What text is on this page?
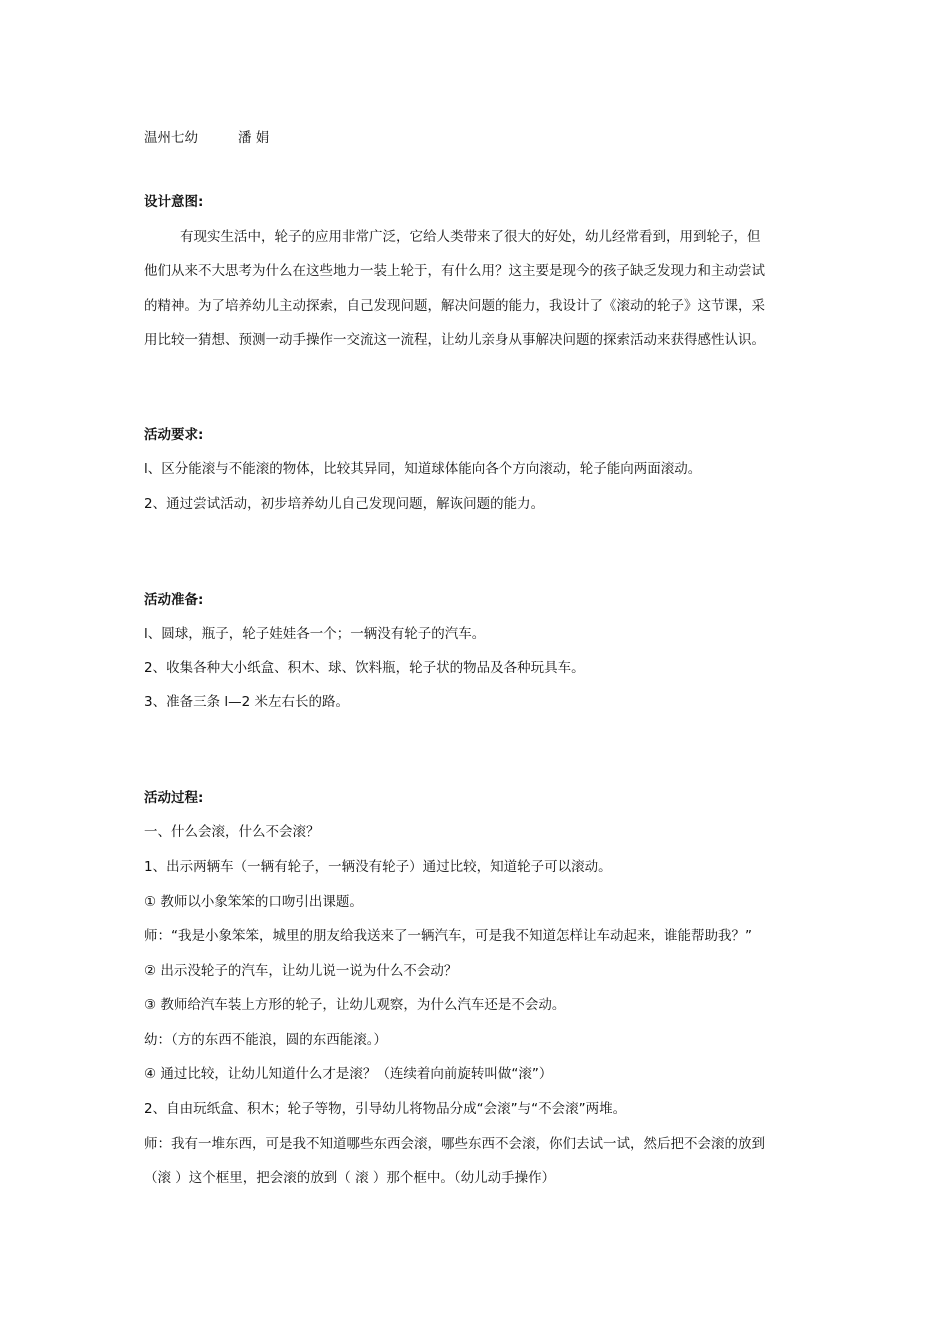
温州七幼	潘 娟
设计意图:
有现实生活中，轮子的应用非常广泛，它给人类带来了很大的好处，幼儿经常看到，用到轮子，但
他们从来不大思考为什么在这些地力一装上轮于，有什么用？这主要是现今的孩子缺乏发现力和主动尝试
的精神。为了培养幼儿主动探索，自己发现问题，解决问题的能力，我设计了《滚动的轮子》这节课，采
用比较一猜想、预测一动手操作一交流这一流程，让幼儿亲身从事解决问题的探索活动来获得感性认识。
活动要求:
l、区分能滚与不能滚的物体，比较其异同，知道球体能向各个方向滚动，轮子能向两面滚动。
2、通过尝试活动，初步培养幼儿自己发现问题，解诙问题的能力。
活动准备:
l、圆球，瓶子，轮子娃娃各一个；一辆没有轮子的汽车。
2、收集各种大小纸盒、积木、球、饮料瓶，轮子状的物品及各种玩具车。
3、准备三条 l—2 米左右长的路。
活动过程:
一、什么会滚，什么不会滚？
1、出示两辆车（一辆有轮子，一辆没有轮子）通过比较，知道轮子可以滚动。
① 教师以小象笨笨的口吻引出课题。
师：“我是小象笨笨，城里的朋友给我送来了一辆汽车，可是我不知道怎样让车动起来，谁能帮助我？”
② 出示没轮子的汽车，让幼儿说一说为什么不会动？
③ 教师给汽车装上方形的轮子，让幼儿观察，为什么汽车还是不会动。
幼：（方的东西不能浪，圆的东西能滚。）
④ 通过比较，让幼儿知道什么才是滚？（连续着向前旋转叫做“滚”）
2、自由玩纸盒、积木；轮子等物，引导幼儿将物品分成“会滚”与“不会滚”两堆。
师：我有一堆东西，可是我不知道哪些东西会滚，哪些东西不会滚，你们去试一试，然后把不会滚的放到
（滚 ）这个框里，把会滚的放到（ 滚 ）那个框中。（幼儿动手操作）
